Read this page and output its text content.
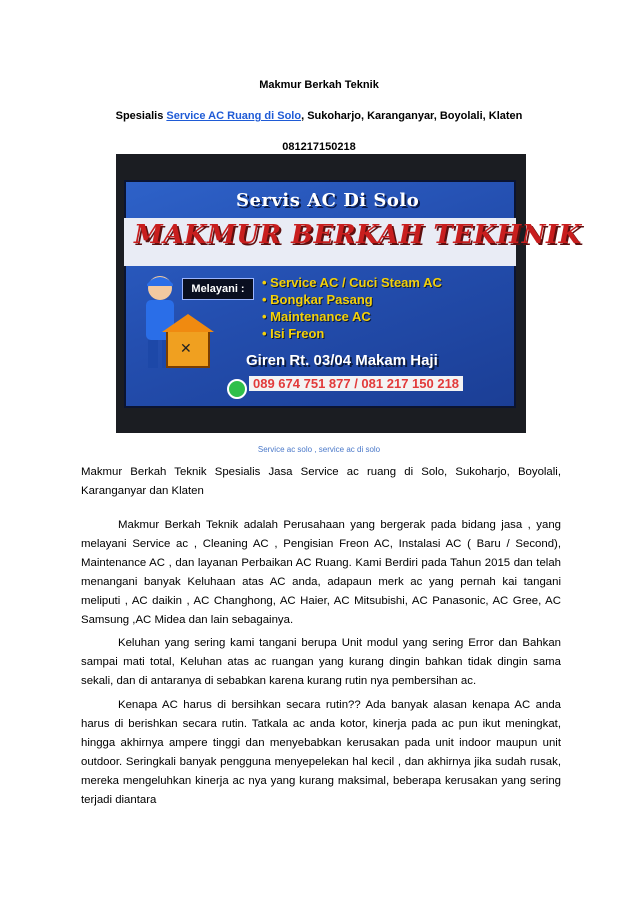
Makmur Berkah Teknik
Spesialis Service AC Ruang di Solo, Sukoharjo, Karanganyar, Boyolali, Klaten
081217150218
Servis AC Di Solo
MAKMUR BERKAH TEKHNIK
✕
Melayani :	• Service AC / Cuci Steam AC
• Bongkar Pasang
• Maintenance AC
• Isi Freon
Giren Rt. 03/04 Makam Haji
089 674 751 877 / 081 217 150 218
Service ac solo , service ac di solo

Makmur Berkah Teknik Spesialis Jasa Service ac ruang di Solo, Sukoharjo, Boyolali, Karanganyar dan Klaten

Makmur Berkah Teknik adalah Perusahaan yang bergerak pada bidang jasa , yang melayani Service ac , Cleaning AC , Pengisian Freon AC, Instalasi AC ( Baru / Second), Maintenance AC , dan layanan Perbaikan AC Ruang. Kami Berdiri pada Tahun 2015 dan telah menangani banyak Keluhaan atas AC anda, adapaun merk ac yang pernah kai tangani meliputi , AC daikin , AC Changhong, AC Haier, AC Mitsubishi, AC Panasonic, AC Gree, AC Samsung ,AC Midea dan lain sebagainya.

Keluhan yang sering kami tangani berupa Unit modul yang sering Error dan Bahkan sampai mati total, Keluhan atas ac ruangan yang kurang dingin bahkan tidak dingin sama sekali, dan di antaranya di sebabkan karena kurang rutin nya pembersihan ac.

Kenapa AC harus di bersihkan secara rutin?? Ada banyak alasan kenapa AC anda harus di berishkan secara rutin. Tatkala ac anda kotor, kinerja pada ac pun ikut meningkat, hingga akhirnya ampere tinggi dan menyebabkan kerusakan pada unit indoor maupun unit outdoor. Seringkali banyak pengguna menyepelekan hal kecil , dan akhirnya jika sudah rusak, mereka mengeluhkan kinerja ac nya yang kurang maksimal, beberapa kerusakan yang sering terjadi diantara
